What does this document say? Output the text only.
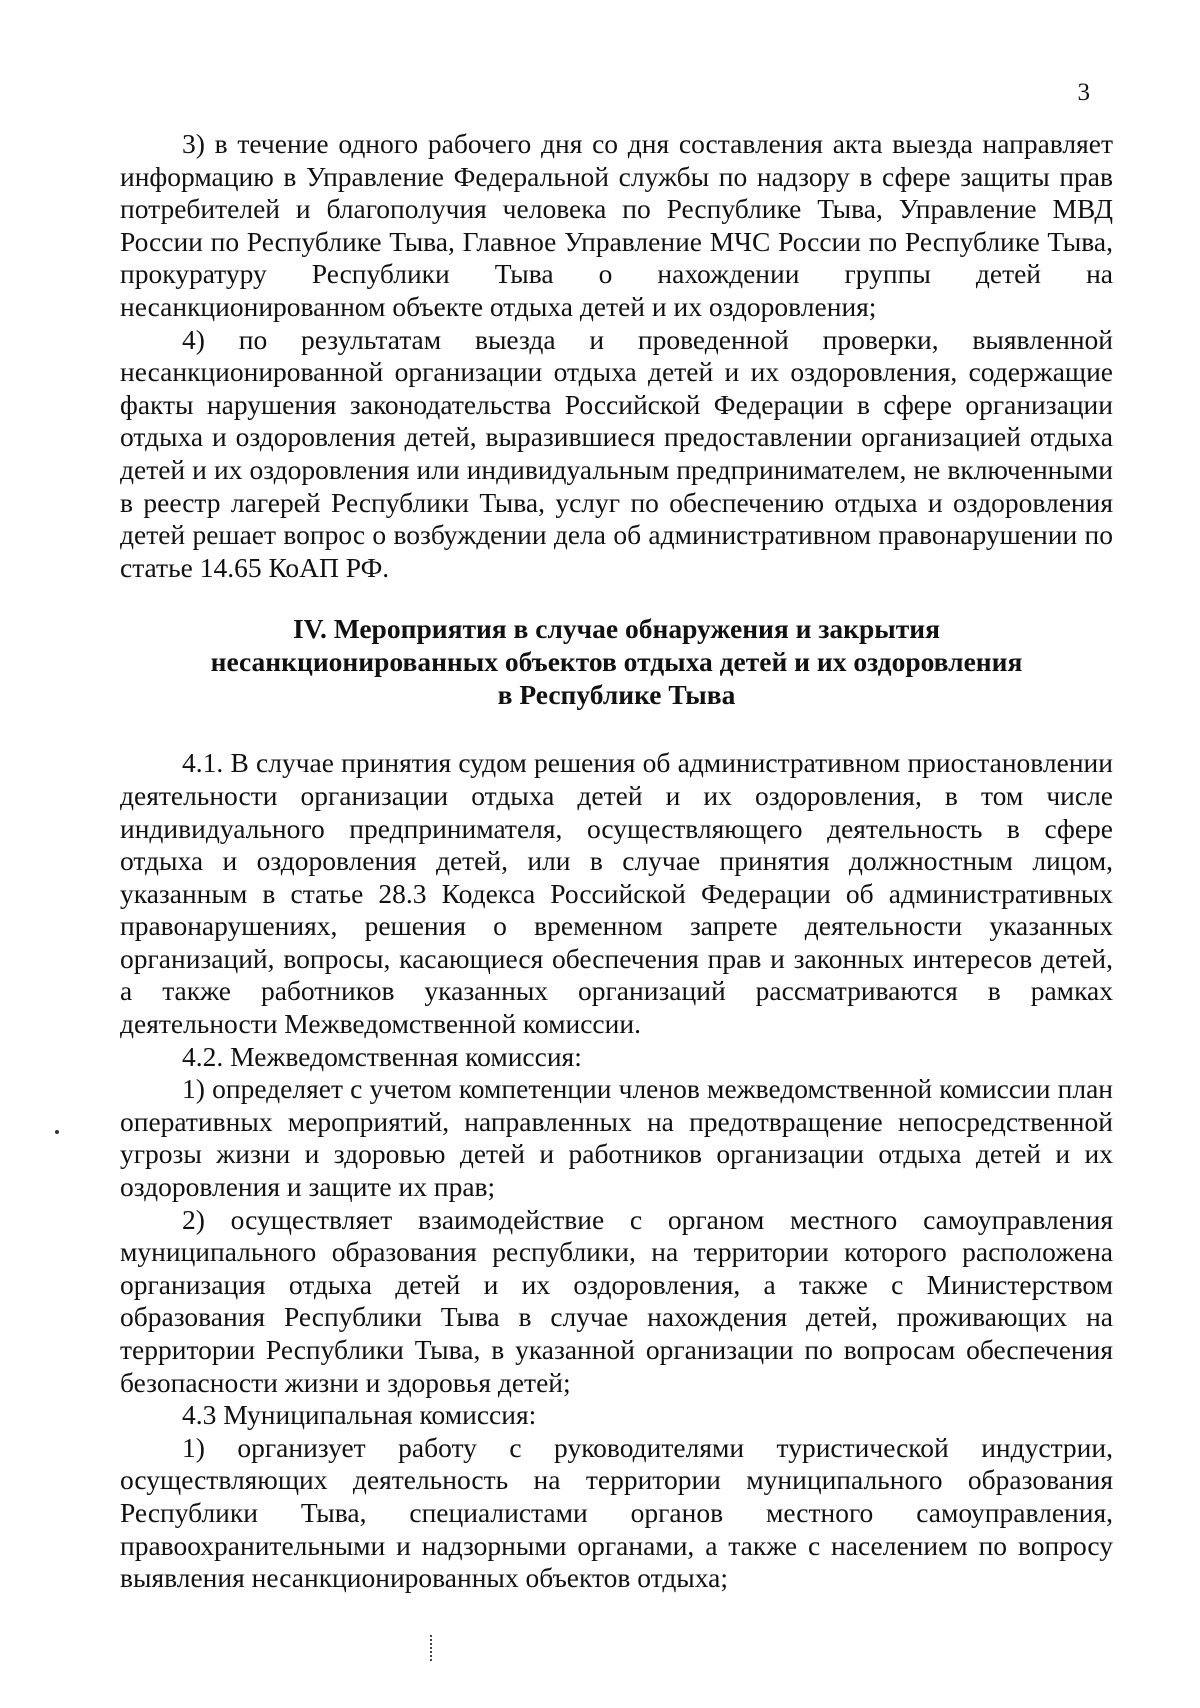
3

3) в течение одного рабочего дня со дня составления акта выезда направляет информацию в Управление Федеральной службы по надзору в сфере защиты прав потребителей и благополучия человека по Республике Тыва, Управление МВД России по Республике Тыва, Главное Управление МЧС России по Республике Тыва, прокуратуру Республики Тыва о нахождении группы детей на несанкционированном объекте отдыха детей и их оздоровления;

4) по результатам выезда и проведенной проверки, выявленной несанкционированной организации отдыха детей и их оздоровления, содержащие факты нарушения законодательства Российской Федерации в сфере организации отдыха и оздоровления детей, выразившиеся предоставлении организацией отдыха детей и их оздоровления или индивидуальным предпринимателем, не включенными в реестр лагерей Республики Тыва, услуг по обеспечению отдыха и оздоровления детей решает вопрос о возбуждении дела об административном правонарушении по статье 14.65 КоАП РФ.

IV. Мероприятия в случае обнаружения и закрытия
несанкционированных объектов отдыха детей и их оздоровления
в Республике Тыва

4.1. В случае принятия судом решения об административном приостановлении деятельности организации отдыха детей и их оздоровления, в том числе индивидуального предпринимателя, осуществляющего деятельность в сфере отдыха и оздоровления детей, или в случае принятия должностным лицом, указанным в статье 28.3 Кодекса Российской Федерации об административных правонарушениях, решения о временном запрете деятельности указанных организаций, вопросы, касающиеся обеспечения прав и законных интересов детей, а также работников указанных организаций рассматриваются в рамках деятельности Межведомственной комиссии.

4.2. Межведомственная комиссия:

1) определяет с учетом компетенции членов межведомственной комиссии план оперативных мероприятий, направленных на предотвращение непосредственной угрозы жизни и здоровью детей и работников организации отдыха детей и их оздоровления и защите их прав;

2) осуществляет взаимодействие с органом местного самоуправления муниципального образования республики, на территории которого расположена организация отдыха детей и их оздоровления, а также с Министерством образования Республики Тыва в случае нахождения детей, проживающих на территории Республики Тыва, в указанной организации по вопросам обеспечения безопасности жизни и здоровья детей;

4.3 Муниципальная комиссия:

1) организует работу с руководителями туристической индустрии, осуществляющих деятельность на территории муниципального образования Республики Тыва, специалистами органов местного самоуправления, правоохранительными и надзорными органами, а также с населением по вопросу выявления несанкционированных объектов отдыха;
